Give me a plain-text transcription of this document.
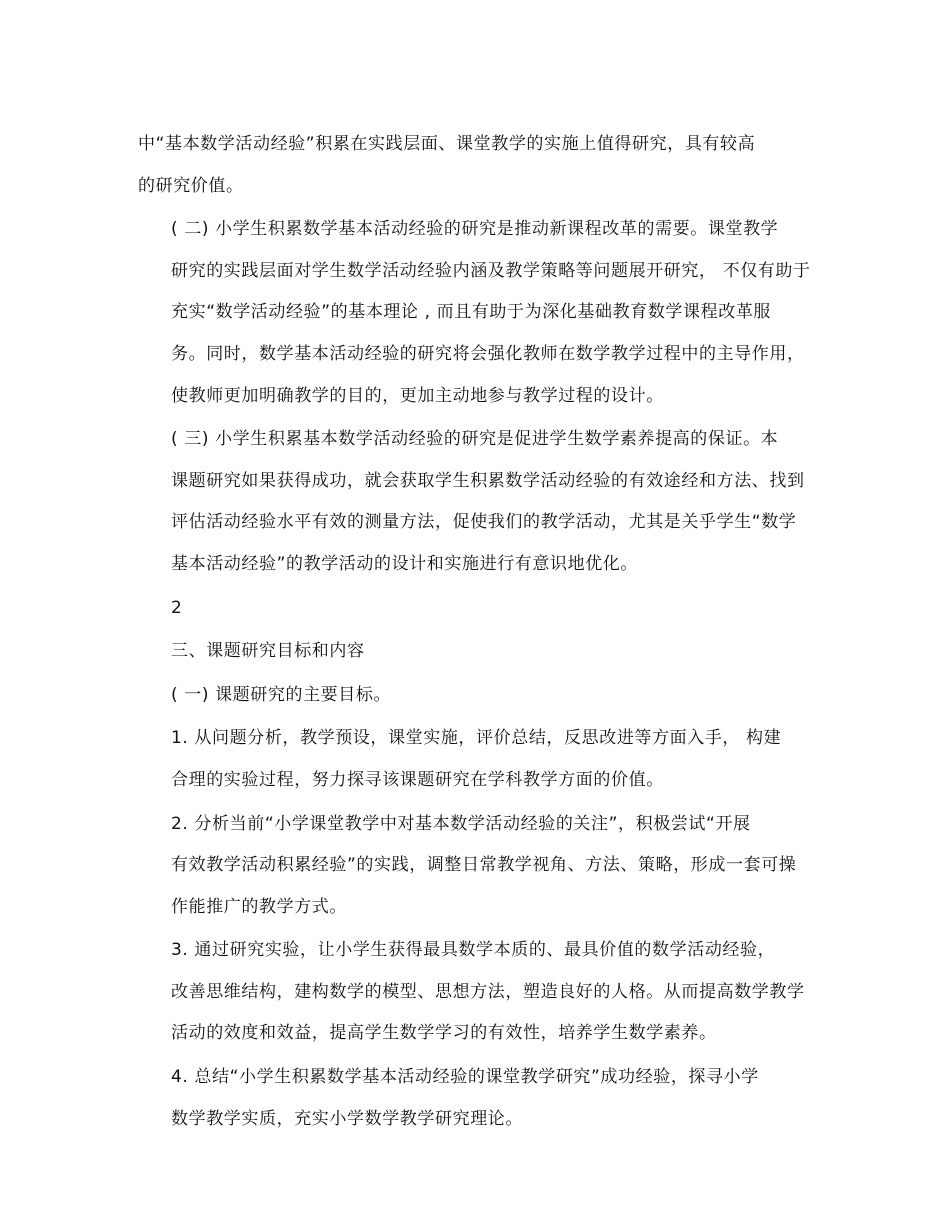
中“基本数学活动经验”积累在实践层面、课堂教学的实施上值得研究，具有较高
的研究价值。

( 二) 小学生积累数学基本活动经验的研究是推动新课程改革的需要。课堂教学
研究的实践层面对学生数学活动经验内涵及教学策略等问题展开研究， 不仅有助于
充实“数学活动经验”的基本理论 , 而且有助于为深化基础教育数学课程改革服
务。同时，数学基本活动经验的研究将会强化教师在数学教学过程中的主导作用，
使教师更加明确教学的目的，更加主动地参与教学过程的设计。

( 三) 小学生积累基本数学活动经验的研究是促进学生数学素养提高的保证。本
课题研究如果获得成功，就会获取学生积累数学活动经验的有效途经和方法、找到
评估活动经验水平有效的测量方法，促使我们的教学活动，尤其是关乎学生“数学
基本活动经验”的教学活动的设计和实施进行有意识地优化。

2

三、课题研究目标和内容

( 一) 课题研究的主要目标。

1. 从问题分析，教学预设，课堂实施，评价总结，反思改进等方面入手， 构建
合理的实验过程，努力探寻该课题研究在学科教学方面的价值。

2. 分析当前“小学课堂教学中对基本数学活动经验的关注”，积极尝试“开展
有效教学活动积累经验”的实践，调整日常教学视角、方法、策略，形成一套可操
作能推广的教学方式。

3. 通过研究实验，让小学生获得最具数学本质的、最具价值的数学活动经验，
改善思维结构，建构数学的模型、思想方法，塑造良好的人格。从而提高数学教学
活动的效度和效益，提高学生数学学习的有效性，培养学生数学素养。

4. 总结“小学生积累数学基本活动经验的课堂教学研究”成功经验，探寻小学
数学教学实质，充实小学数学教学研究理论。
